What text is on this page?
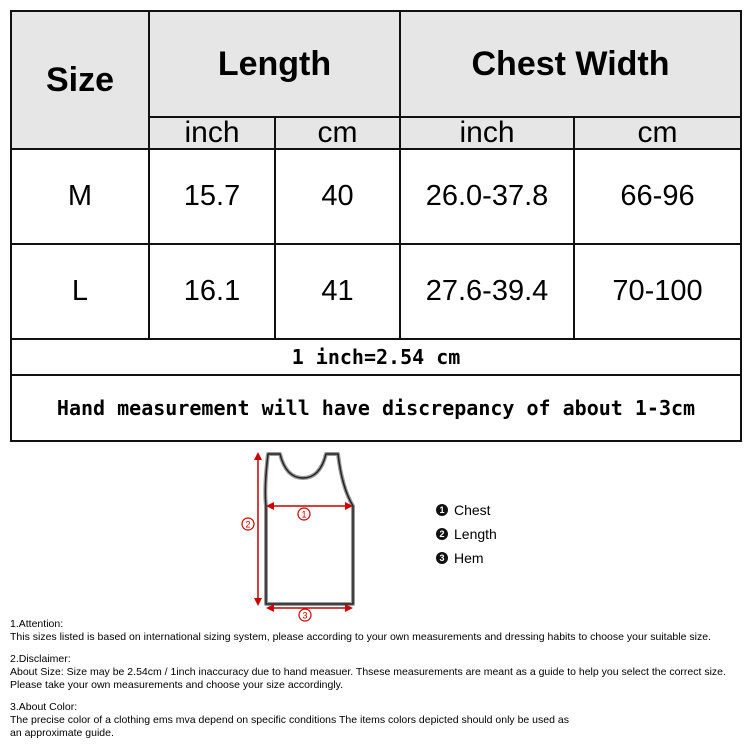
Size	Length		Chest Width	
	inch	cm	inch	cm
M	15.7	40	26.0-37.8	66-96
L	16.1	41	27.6-39.4	70-100
1 inch=2.54 cm				
Hand measurement will have discrepancy of about 1-3cm				
1
2
3
1 Chest
2 Length
3 Hem

1.Attention:

This sizes listed is based on international sizing system, please according to your own measurements and dressing habits to choose your suitable size.

2.Disclaimer:

About Size: Size may be 2.54cm / 1inch inaccuracy due to hand measuer. Thsese measurements are meant as a guide to help you select the correct size.

Please take your own measurements and choose your size accordingly.

3.About Color:

The precise color of a clothing ems mva depend on specific conditions The items colors depicted should only be used as

an approximate guide.
